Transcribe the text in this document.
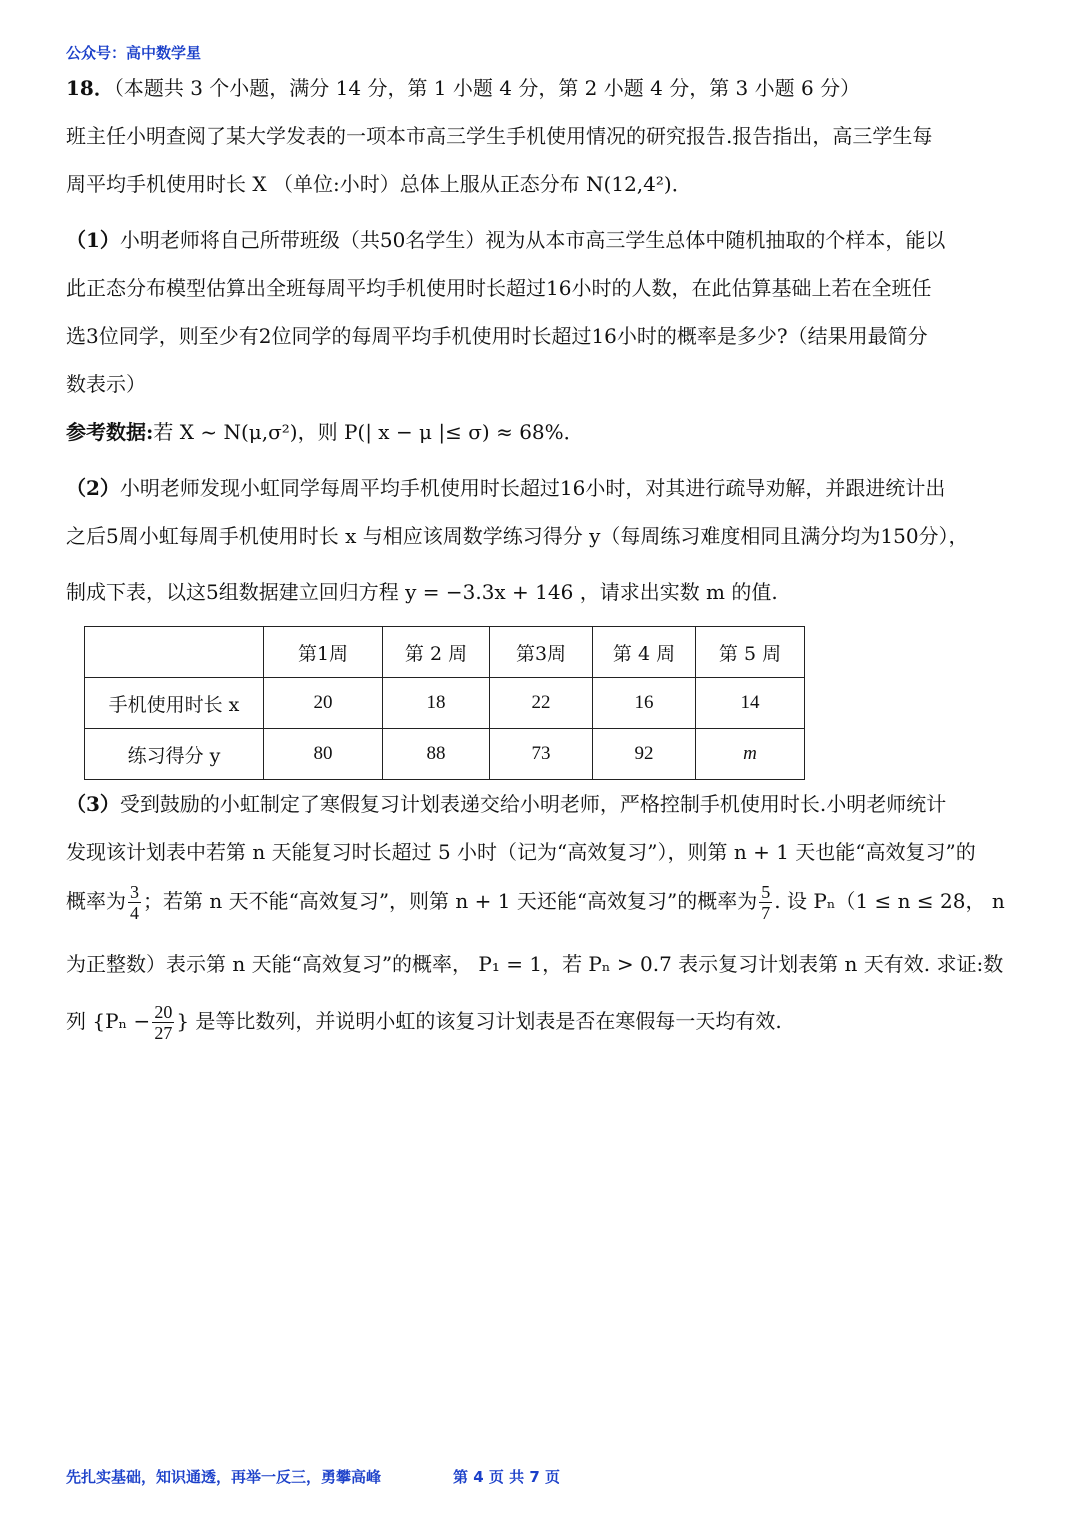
公众号：高中数学星
18．（本题共 3 个小题，满分 14 分，第 1 小题 4 分，第 2 小题 4 分，第 3 小题 6 分）
班主任小明查阅了某大学发表的一项本市高三学生手机使用情况的研究报告.报告指出，高三学生每
周平均手机使用时长 X （单位:小时）总体上服从正态分布 N(12,4²)．
（1）小明老师将自己所带班级（共50名学生）视为从本市高三学生总体中随机抽取的个样本，能以
此正态分布模型估算出全班每周平均手机使用时长超过16小时的人数，在此估算基础上若在全班任
选3位同学，则至少有2位同学的每周平均手机使用时长超过16小时的概率是多少?（结果用最简分
数表示）
参考数据:若 X ~ N(μ,σ²)，则 P(| x − μ |≤ σ) ≈ 68%．
（2）小明老师发现小虹同学每周平均手机使用时长超过16小时，对其进行疏导劝解，并跟进统计出
之后5周小虹每周手机使用时长 x 与相应该周数学练习得分 y（每周练习难度相同且满分均为150分），
制成下表，以这5组数据建立回归方程 y = −3.3x + 146 ，请求出实数 m 的值.
	第1周	第 2 周	第3周	第 4 周	第 5 周
手机使用时长 x	20	18	22	16	14
练习得分 y	80	88	73	92	m
（3）受到鼓励的小虹制定了寒假复习计划表递交给小明老师，严格控制手机使用时长.小明老师统计
发现该计划表中若第 n 天能复习时长超过 5 小时（记为“高效复习”），则第 n + 1 天也能“高效复习”的
概率为 $\frac{3}{4}$ ；若第 n 天不能“高效复习”，则第 n + 1 天还能“高效复习”的概率为 $\frac{5}{7}$ . 设 Pₙ（1 ≤ n ≤ 28， n
为正整数）表示第 n 天能“高效复习”的概率， P₁ = 1，若 Pₙ > 0.7 表示复习计划表第 n 天有效. 求证:数
列 {$P_n - \frac{20}{27}$ } 是等比数列，并说明小虹的该复习计划表是否在寒假每一天均有效.
先扎实基础，知识通透，再举一反三，勇攀高峰	第 4 页 共 7 页
